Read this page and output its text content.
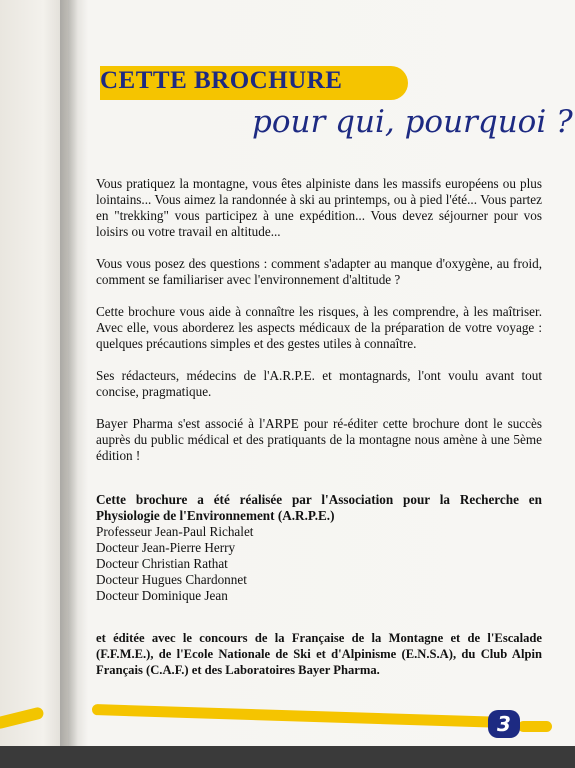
CETTE BROCHURE
pour qui, pourquoi ?

Vous pratiquez la montagne, vous êtes alpiniste dans les massifs européens ou plus lointains... Vous aimez la randonnée à ski au printemps, ou à pied l'été... Vous partez en "trekking" vous participez à une expédition... Vous devez séjourner pour vos loisirs ou votre travail en altitude...

Vous vous posez des questions : comment s'adapter au manque d'oxygène, au froid, comment se familiariser avec l'environnement d'altitude ?

Cette brochure vous aide à connaître les risques, à les comprendre, à les maîtriser. Avec elle, vous aborderez les aspects médicaux de la préparation de votre voyage : quelques précautions simples et des gestes utiles à connaître.

Ses rédacteurs, médecins de l'A.R.P.E. et montagnards, l'ont voulu avant tout concise, pragmatique.

Bayer Pharma s'est associé à l'ARPE pour ré-éditer cette brochure dont le succès auprès du public médical et des pratiquants de la montagne nous amène à une 5ème édition !

Cette brochure a été réalisée par l'Association pour la Recherche en Physiologie de l'Environnement (A.R.P.E.)
Professeur Jean-Paul Richalet
Docteur Jean-Pierre Herry
Docteur Christian Rathat
Docteur Hugues Chardonnet
Docteur Dominique Jean
et éditée avec le concours de la Française de la Montagne et de l'Escalade (F.F.M.E.), de l'Ecole Nationale de Ski et d'Alpinisme (E.N.S.A), du Club Alpin Français (C.A.F.) et des Laboratoires Bayer Pharma.
3
